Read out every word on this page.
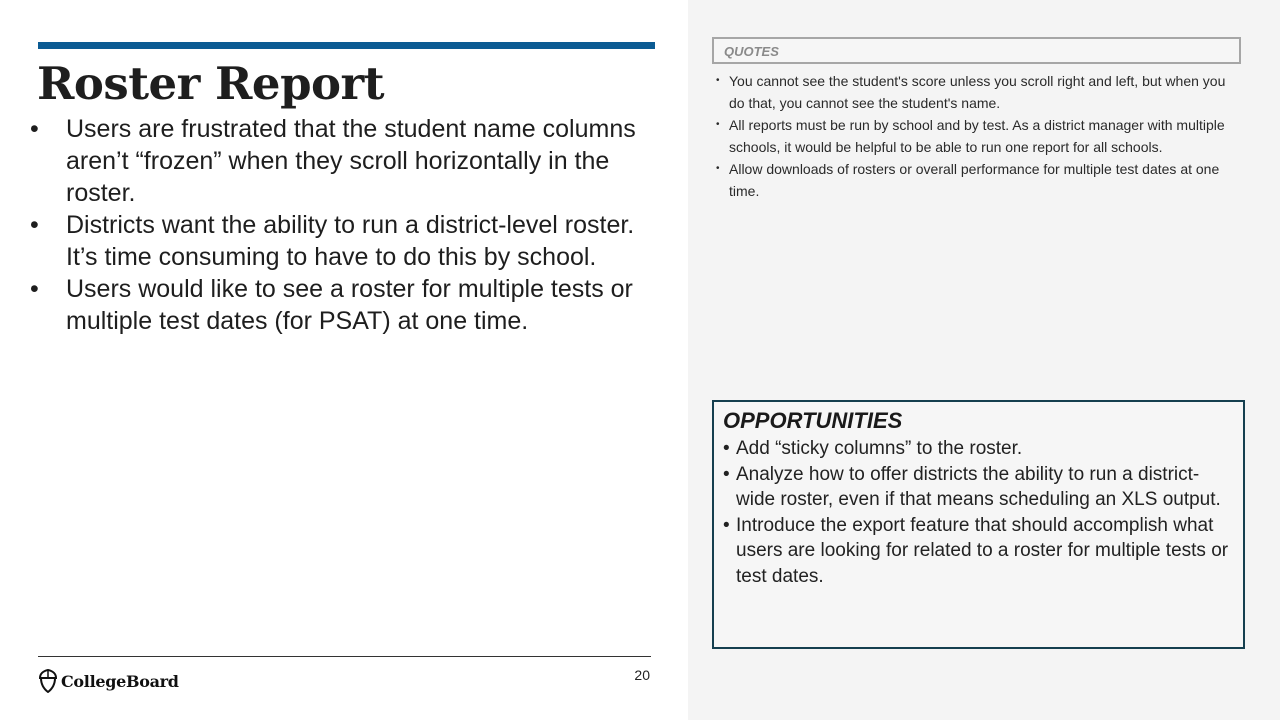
Roster Report
•	Users are frustrated that the student name columns aren’t “frozen” when they scroll horizontally in the roster.
•	Districts want the ability to run a district-level roster. It’s time consuming to have to do this by school.
•	Users would like to see a roster for multiple tests or multiple test dates (for PSAT) at one time.
CollegeBoard	20
QUOTES
• You cannot see the student's score unless you scroll right and left, but when you do that, you cannot see the student's name.
• All reports must be run by school and by test. As a district manager with multiple schools, it would be helpful to be able to run one report for all schools.
• Allow downloads of rosters or overall performance for multiple test dates at one time.
OPPORTUNITIES
• Add “sticky columns” to the roster.
• Analyze how to offer districts the ability to run a district-wide roster, even if that means scheduling an XLS output.
• Introduce the export feature that should accomplish what users are looking for related to a roster for multiple tests or test dates.
